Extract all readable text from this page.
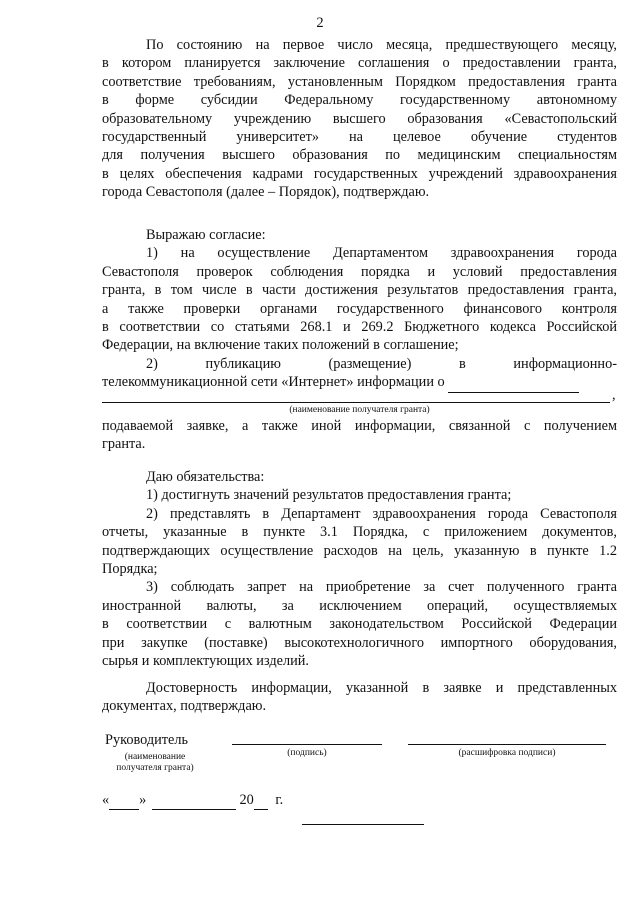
2

По состоянию на первое число месяца, предшествующего месяцу,

в котором планируется заключение соглашения о предоставлении гранта,

соответствие требованиям, установленным Порядком предоставления гранта

в форме субсидии Федеральному государственному автономному

образовательному учреждению высшего образования «Севастопольский

государственный университет» на целевое обучение студентов

для получения высшего образования по медицинским специальностям

в целях обеспечения кадрами государственных учреждений здравоохранения

города Севастополя (далее – Порядок), подтверждаю.

Выражаю согласие:

1) на осуществление Департаментом здравоохранения города

Севастополя проверок соблюдения порядка и условий предоставления

гранта, в том числе в части достижения результатов предоставления гранта,

а также проверки органами государственного финансового контроля

в соответствии со статьями 268.1 и 269.2 Бюджетного кодекса Российской

Федерации, на включение таких положений в соглашение;

2) публикацию (размещение) в информационно-

телекоммуникационной сети «Интернет» информации о

,
(наименование получателя гранта)

подаваемой заявке, а также иной информации, связанной с получением

гранта.

Даю обязательства:

1) достигнуть значений результатов предоставления гранта;

2) представлять в Департамент здравоохранения города Севастополя

отчеты, указанные в пункте 3.1 Порядка, с приложением документов,

подтверждающих осуществление расходов на цель, указанную в пункте 1.2

Порядка;

3) соблюдать запрет на приобретение за счет полученного гранта

иностранной валюты, за исключением операций, осуществляемых

в соответствии с валютным законодательством Российской Федерации

при закупке (поставке) высокотехнологичного импортного оборудования,

сырья и комплектующих изделий.

Достоверность информации, указанной в заявке и представленных

документах, подтверждаю.

Руководитель
(наименование
получателя гранта)
(подпись)	(расшифровка подписи)
« »	20 г.
